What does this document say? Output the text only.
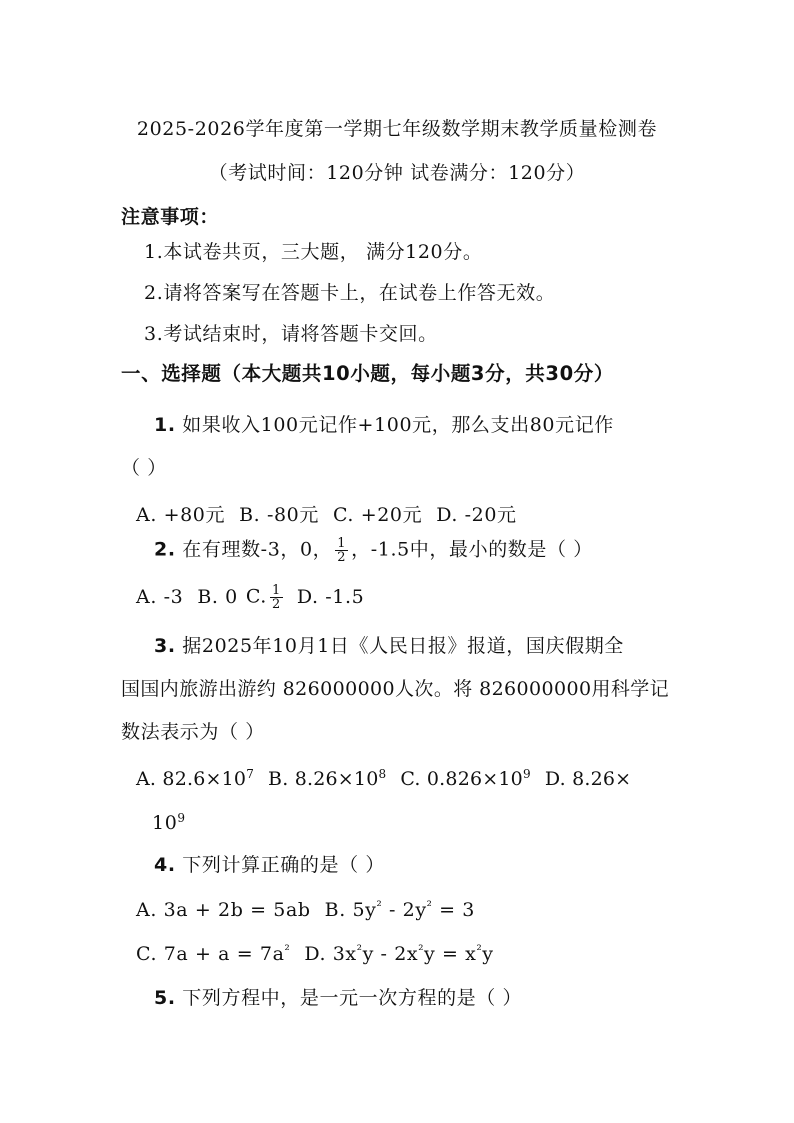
2025-2026学年度第一学期七年级数学期末教学质量检测卷
（考试时间：120分钟 试卷满分：120分）
注意事项：
1.本试卷共页，三大题， 满分120分。
2.请将答案写在答题卡上，在试卷上作答无效。
3.考试结束时，请将答题卡交回。
一、选择题（本大题共10小题，每小题3分，共30分）
1. 如果收入100元记作+100元，那么支出80元记作
（ ）
A. +80元 B. -80元 C. +20元 D. -20元
2. 在有理数-3，0， $\frac{1}{2}$ ，-1.5中，最小的数是（ ）
A. -3 B. 0 C. $\frac{1}{2} D$. -1.5
3. 据2025年10月1日《人民日报》报道，国庆假期全
国国内旅游出游约 826000000人次。将 826000000用科学记
数法表示为（ ）
A. $82.6\times 10^7$ B. $8.26\times 10^8$ C. $0.826\times 10^9$ D. 8.26×
$10^9$
4. 下列计算正确的是（ ）
A. 3a + 2b = 5ab B. $5y^{^2} - 2y^{^2} = 3$
C. $7a + a = 7a^{^2}$ D. $3x^{^2}y - 2x^{^2}y = x^{^2}y$
5. 下列方程中，是一元一次方程的是（ ）
